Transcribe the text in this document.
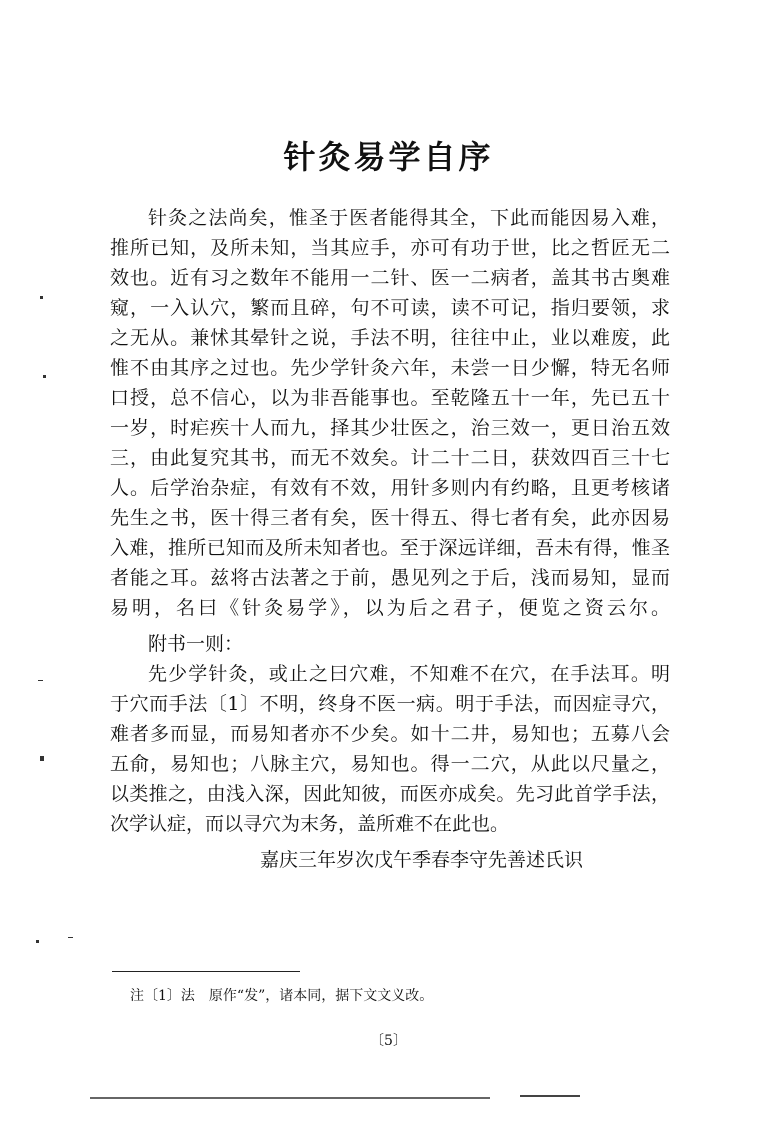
针灸易学自序
针灸之法尚矣，惟圣于医者能得其全，下此而能因易入难，
推所已知，及所未知，当其应手，亦可有功于世，比之哲匠无二
效也。近有习之数年不能用一二针、医一二病者，盖其书古奥难
窥，一入认穴，繁而且碎，句不可读，读不可记，指归要领，求
之无从。兼怵其晕针之说，手法不明，往往中止，业以难废，此
惟不由其序之过也。先少学针灸六年，未尝一日少懈，特无名师
口授，总不信心，以为非吾能事也。至乾隆五十一年，先已五十
一岁，时疟疾十人而九，择其少壮医之，治三效一，更日治五效
三，由此复究其书，而无不效矣。计二十二日，获效四百三十七
人。后学治杂症，有效有不效，用针多则内有约略，且更考核诸
先生之书，医十得三者有矣，医十得五、得七者有矣，此亦因易
入难，推所已知而及所未知者也。至于深远详细，吾未有得，惟圣
者能之耳。兹将古法著之于前，愚见列之于后，浅而易知，显而
易明，名曰《针灸易学》，以为后之君子，便览之资云尔。
附书一则：
先少学针灸，或止之曰穴难，不知难不在穴，在手法耳。明
于穴而手法〔1〕不明，终身不医一病。明于手法，而因症寻穴，
难者多而显，而易知者亦不少矣。如十二井，易知也；五募八会
五俞，易知也；八脉主穴，易知也。得一二穴，从此以尺量之，
以类推之，由浅入深，因此知彼，而医亦成矣。先习此首学手法，
次学认症，而以寻穴为末务，盖所难不在此也。
嘉庆三年岁次戊午季春李守先善述氏识
注〔1〕法　原作“发”，诸本同，据下文文义改。
〔5〕
